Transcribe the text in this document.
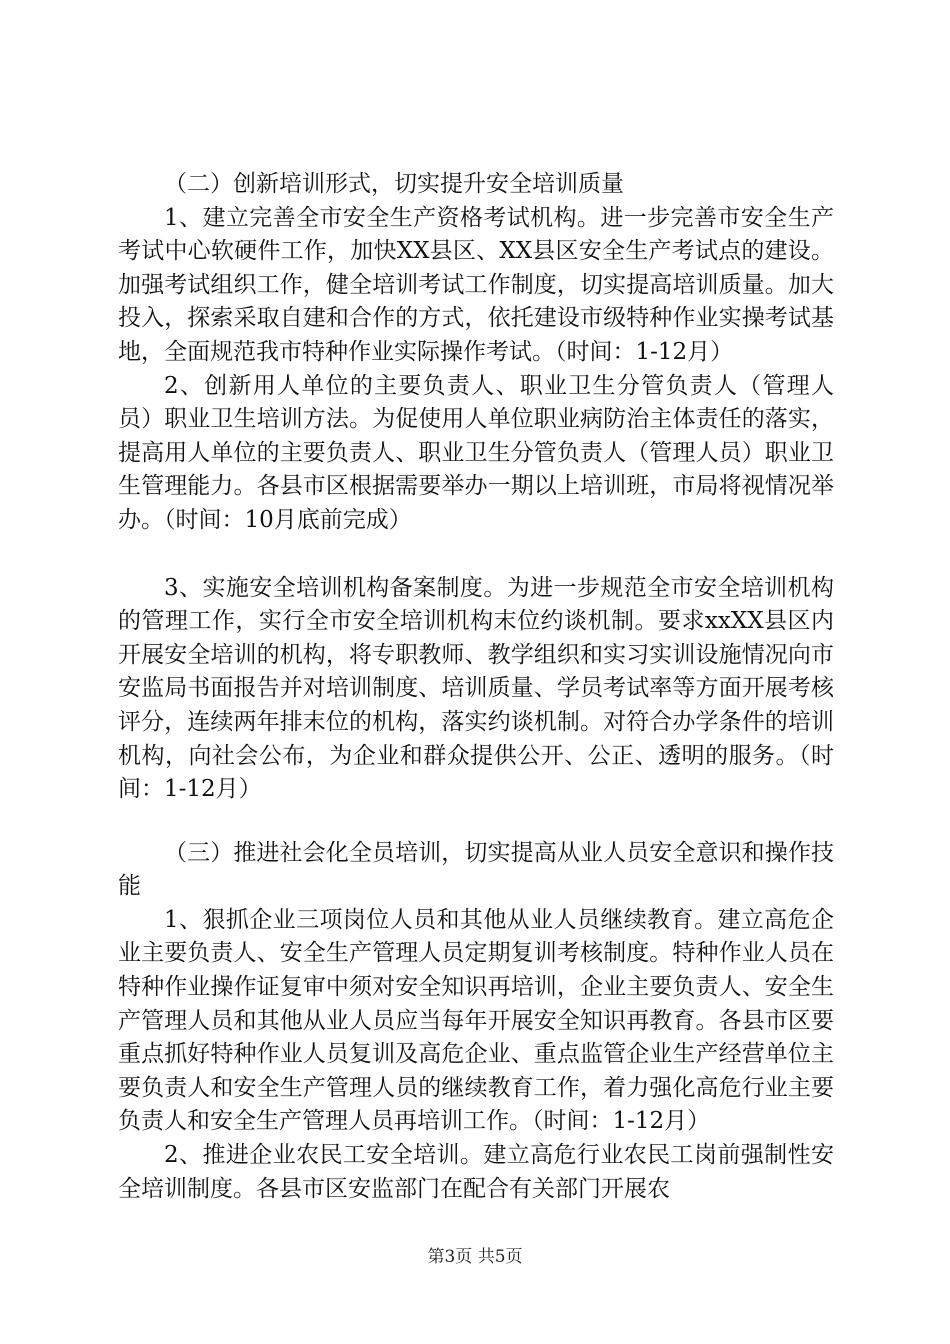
（二）创新培训形式，切实提升安全培训质量

1、建立完善全市安全生产资格考试机构。进一步完善市安全生产考试中心软硬件工作，加快XX县区、XX县区安全生产考试点的建设。加强考试组织工作，健全培训考试工作制度，切实提高培训质量。加大投入，探索采取自建和合作的方式，依托建设市级特种作业实操考试基地，全面规范我市特种作业实际操作考试。（时间：1-12月）

2、创新用人单位的主要负责人、职业卫生分管负责人（管理人员）职业卫生培训方法。为促使用人单位职业病防治主体责任的落实，提高用人单位的主要负责人、职业卫生分管负责人（管理人员）职业卫生管理能力。各县市区根据需要举办一期以上培训班，市局将视情况举办。（时间：10月底前完成）

3、实施安全培训机构备案制度。为进一步规范全市安全培训机构的管理工作，实行全市安全培训机构末位约谈机制。要求xxXX县区内开展安全培训的机构，将专职教师、教学组织和实习实训设施情况向市安监局书面报告并对培训制度、培训质量、学员考试率等方面开展考核评分，连续两年排末位的机构，落实约谈机制。对符合办学条件的培训机构，向社会公布，为企业和群众提供公开、公正、透明的服务。（时间：1-12月）

（三）推进社会化全员培训，切实提高从业人员安全意识和操作技能

1、狠抓企业三项岗位人员和其他从业人员继续教育。建立高危企业主要负责人、安全生产管理人员定期复训考核制度。特种作业人员在特种作业操作证复审中须对安全知识再培训，企业主要负责人、安全生产管理人员和其他从业人员应当每年开展安全知识再教育。各县市区要重点抓好特种作业人员复训及高危企业、重点监管企业生产经营单位主要负责人和安全生产管理人员的继续教育工作，着力强化高危行业主要负责人和安全生产管理人员再培训工作。（时间：1-12月）

2、推进企业农民工安全培训。建立高危行业农民工岗前强制性安全培训制度。各县市区安监部门在配合有关部门开展农

第3页 共5页
